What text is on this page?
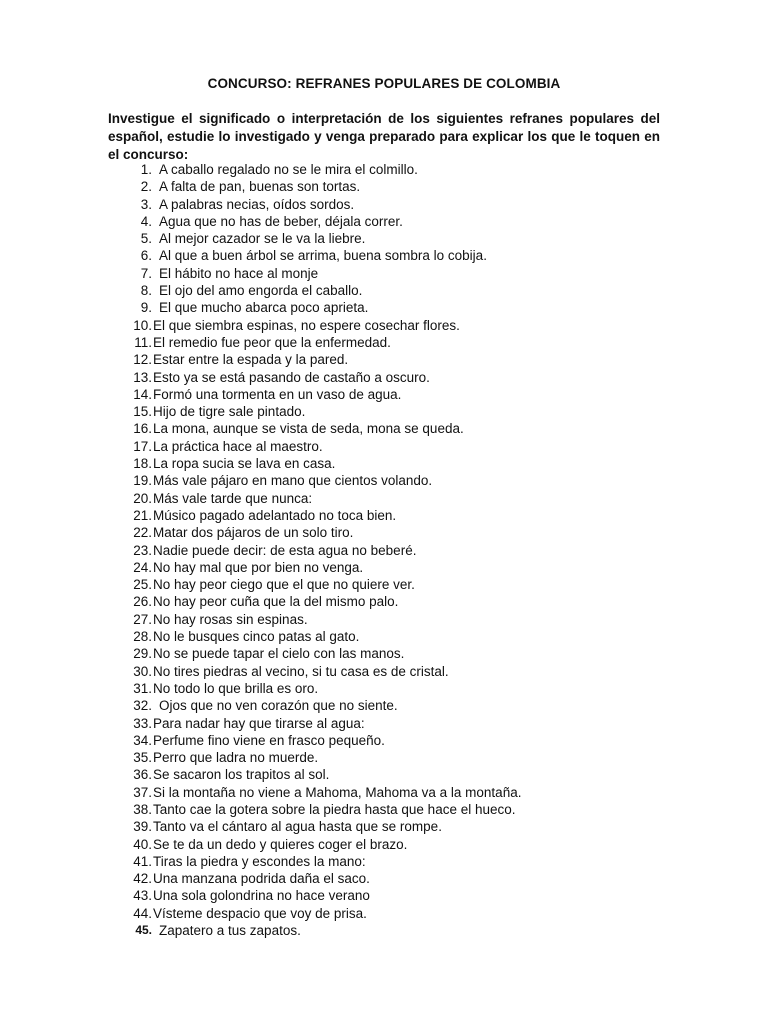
CONCURSO: REFRANES POPULARES DE COLOMBIA
Investigue el significado o interpretación de los siguientes refranes populares del español, estudie lo investigado y venga preparado para explicar los que le toquen en el concurso:
1. A caballo regalado no se le mira el colmillo.
2. A falta de pan, buenas son tortas.
3. A palabras necias, oídos sordos.
4. Agua que no has de beber, déjala correr.
5. Al mejor cazador se le va la liebre.
6. Al que a buen árbol se arrima, buena sombra lo cobija.
7. El hábito no hace al monje
8. El ojo del amo engorda el caballo.
9. El que mucho abarca poco aprieta.
10. El que siembra espinas, no espere cosechar flores.
11. El remedio fue peor que la enfermedad.
12. Estar entre la espada y la pared.
13. Esto ya se está pasando de castaño a oscuro.
14. Formó una tormenta en un vaso de agua.
15. Hijo de tigre sale pintado.
16. La mona, aunque se vista de seda, mona se queda.
17. La práctica hace al maestro.
18. La ropa sucia se lava en casa.
19. Más vale pájaro en mano que cientos volando.
20. Más vale tarde que nunca:
21. Músico pagado adelantado no toca bien.
22. Matar dos pájaros de un solo tiro.
23. Nadie puede decir: de esta agua no beberé.
24. No hay mal que por bien no venga.
25. No hay peor ciego que el que no quiere ver.
26. No hay peor cuña que la del mismo palo.
27. No hay rosas sin espinas.
28. No le busques cinco patas al gato.
29. No se puede tapar el cielo con las manos.
30. No tires piedras al vecino, si tu casa es de cristal.
31. No todo lo que brilla es oro.
32. Ojos que no ven corazón que no siente.
33. Para nadar hay que tirarse al agua:
34. Perfume fino viene en frasco pequeño.
35. Perro que ladra no muerde.
36. Se sacaron los trapitos al sol.
37. Si la montaña no viene a Mahoma, Mahoma va a la montaña.
38. Tanto cae la gotera sobre la piedra hasta que hace el hueco.
39. Tanto va el cántaro al agua hasta que se rompe.
40. Se te da un dedo y quieres coger el brazo.
41. Tiras la piedra y escondes la mano:
42. Una manzana podrida daña el saco.
43. Una sola golondrina no hace verano
44. Vísteme despacio que voy de prisa.
45. Zapatero a tus zapatos.
